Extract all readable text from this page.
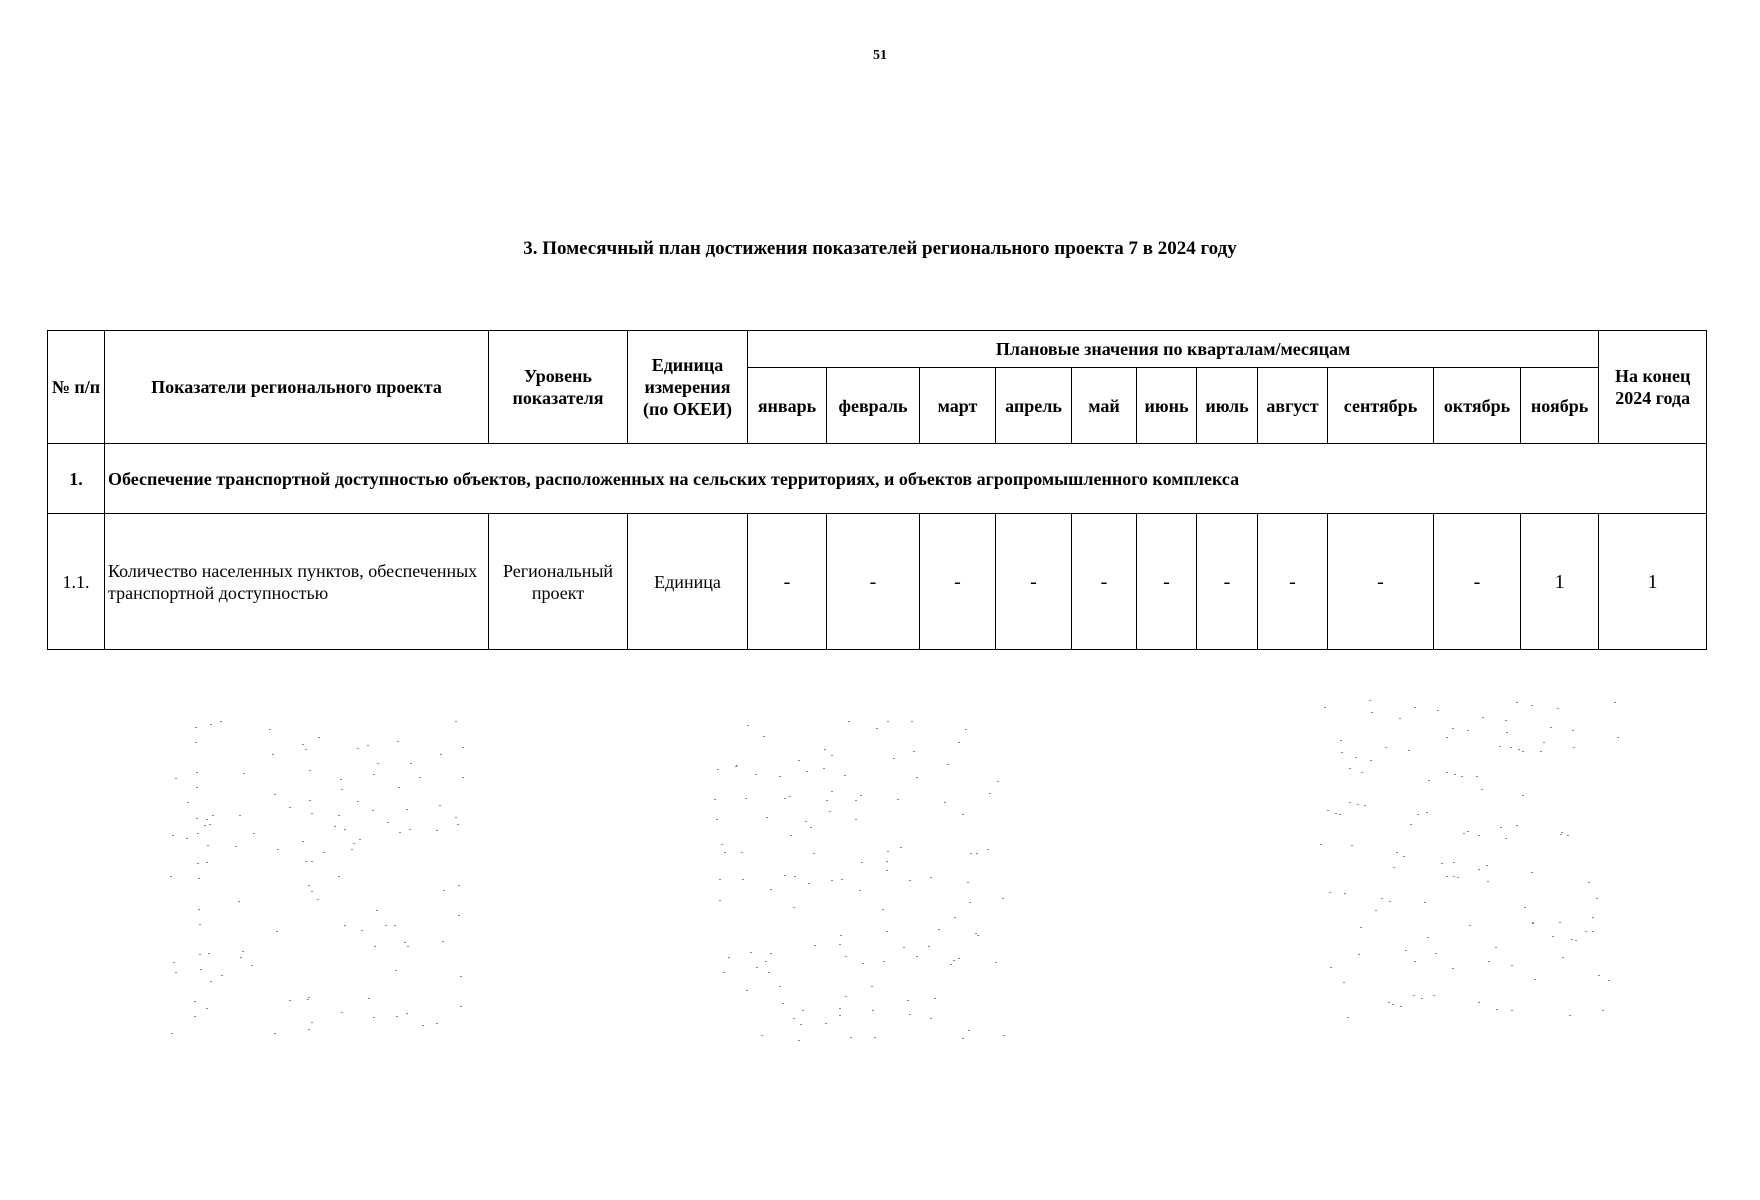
51
3. Помесячный план достижения показателей регионального проекта 7 в 2024 году
№ п/п	Показатели регионального проекта	Уровень показателя	Единица измерения (по ОКЕИ)	Плановые значения по кварталам/месяцам											На конец 2024 года
				январь	февраль	март	апрель	май	июнь	июль	август	сентябрь	октябрь	ноябрь	
1.	Обеспечение транспортной доступностью объектов, расположенных на сельских территориях, и объектов агропромышленного комплекса														
1.1.	Количество населенных пунктов, обеспеченных транспортной доступностью	Региональный проект	Единица	-	-	-	-	-	-	-	-	-	-	1	1
